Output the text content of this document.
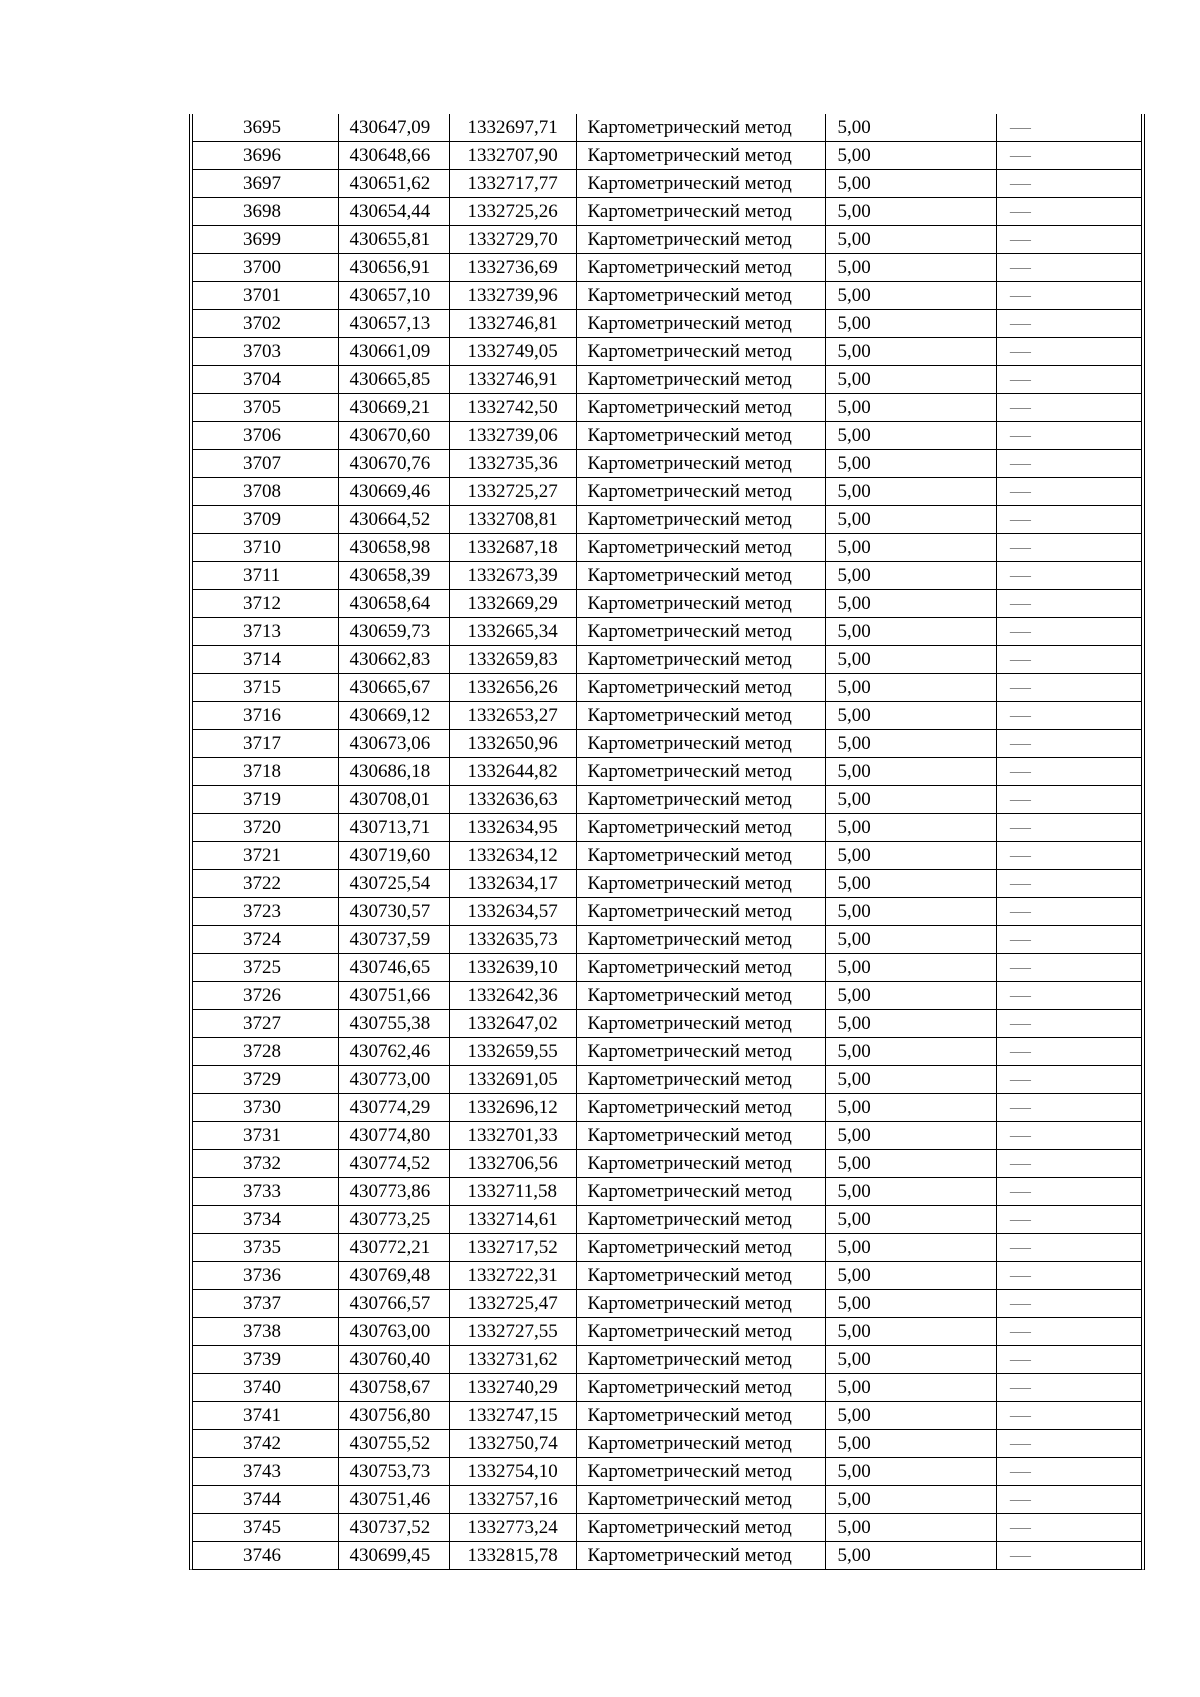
3695	430647,09	1332697,71	Картометрический метод	5,00	—
3696	430648,66	1332707,90	Картометрический метод	5,00	—
3697	430651,62	1332717,77	Картометрический метод	5,00	—
3698	430654,44	1332725,26	Картометрический метод	5,00	—
3699	430655,81	1332729,70	Картометрический метод	5,00	—
3700	430656,91	1332736,69	Картометрический метод	5,00	—
3701	430657,10	1332739,96	Картометрический метод	5,00	—
3702	430657,13	1332746,81	Картометрический метод	5,00	—
3703	430661,09	1332749,05	Картометрический метод	5,00	—
3704	430665,85	1332746,91	Картометрический метод	5,00	—
3705	430669,21	1332742,50	Картометрический метод	5,00	—
3706	430670,60	1332739,06	Картометрический метод	5,00	—
3707	430670,76	1332735,36	Картометрический метод	5,00	—
3708	430669,46	1332725,27	Картометрический метод	5,00	—
3709	430664,52	1332708,81	Картометрический метод	5,00	—
3710	430658,98	1332687,18	Картометрический метод	5,00	—
3711	430658,39	1332673,39	Картометрический метод	5,00	—
3712	430658,64	1332669,29	Картометрический метод	5,00	—
3713	430659,73	1332665,34	Картометрический метод	5,00	—
3714	430662,83	1332659,83	Картометрический метод	5,00	—
3715	430665,67	1332656,26	Картометрический метод	5,00	—
3716	430669,12	1332653,27	Картометрический метод	5,00	—
3717	430673,06	1332650,96	Картометрический метод	5,00	—
3718	430686,18	1332644,82	Картометрический метод	5,00	—
3719	430708,01	1332636,63	Картометрический метод	5,00	—
3720	430713,71	1332634,95	Картометрический метод	5,00	—
3721	430719,60	1332634,12	Картометрический метод	5,00	—
3722	430725,54	1332634,17	Картометрический метод	5,00	—
3723	430730,57	1332634,57	Картометрический метод	5,00	—
3724	430737,59	1332635,73	Картометрический метод	5,00	—
3725	430746,65	1332639,10	Картометрический метод	5,00	—
3726	430751,66	1332642,36	Картометрический метод	5,00	—
3727	430755,38	1332647,02	Картометрический метод	5,00	—
3728	430762,46	1332659,55	Картометрический метод	5,00	—
3729	430773,00	1332691,05	Картометрический метод	5,00	—
3730	430774,29	1332696,12	Картометрический метод	5,00	—
3731	430774,80	1332701,33	Картометрический метод	5,00	—
3732	430774,52	1332706,56	Картометрический метод	5,00	—
3733	430773,86	1332711,58	Картометрический метод	5,00	—
3734	430773,25	1332714,61	Картометрический метод	5,00	—
3735	430772,21	1332717,52	Картометрический метод	5,00	—
3736	430769,48	1332722,31	Картометрический метод	5,00	—
3737	430766,57	1332725,47	Картометрический метод	5,00	—
3738	430763,00	1332727,55	Картометрический метод	5,00	—
3739	430760,40	1332731,62	Картометрический метод	5,00	—
3740	430758,67	1332740,29	Картометрический метод	5,00	—
3741	430756,80	1332747,15	Картометрический метод	5,00	—
3742	430755,52	1332750,74	Картометрический метод	5,00	—
3743	430753,73	1332754,10	Картометрический метод	5,00	—
3744	430751,46	1332757,16	Картометрический метод	5,00	—
3745	430737,52	1332773,24	Картометрический метод	5,00	—
3746	430699,45	1332815,78	Картометрический метод	5,00	—
